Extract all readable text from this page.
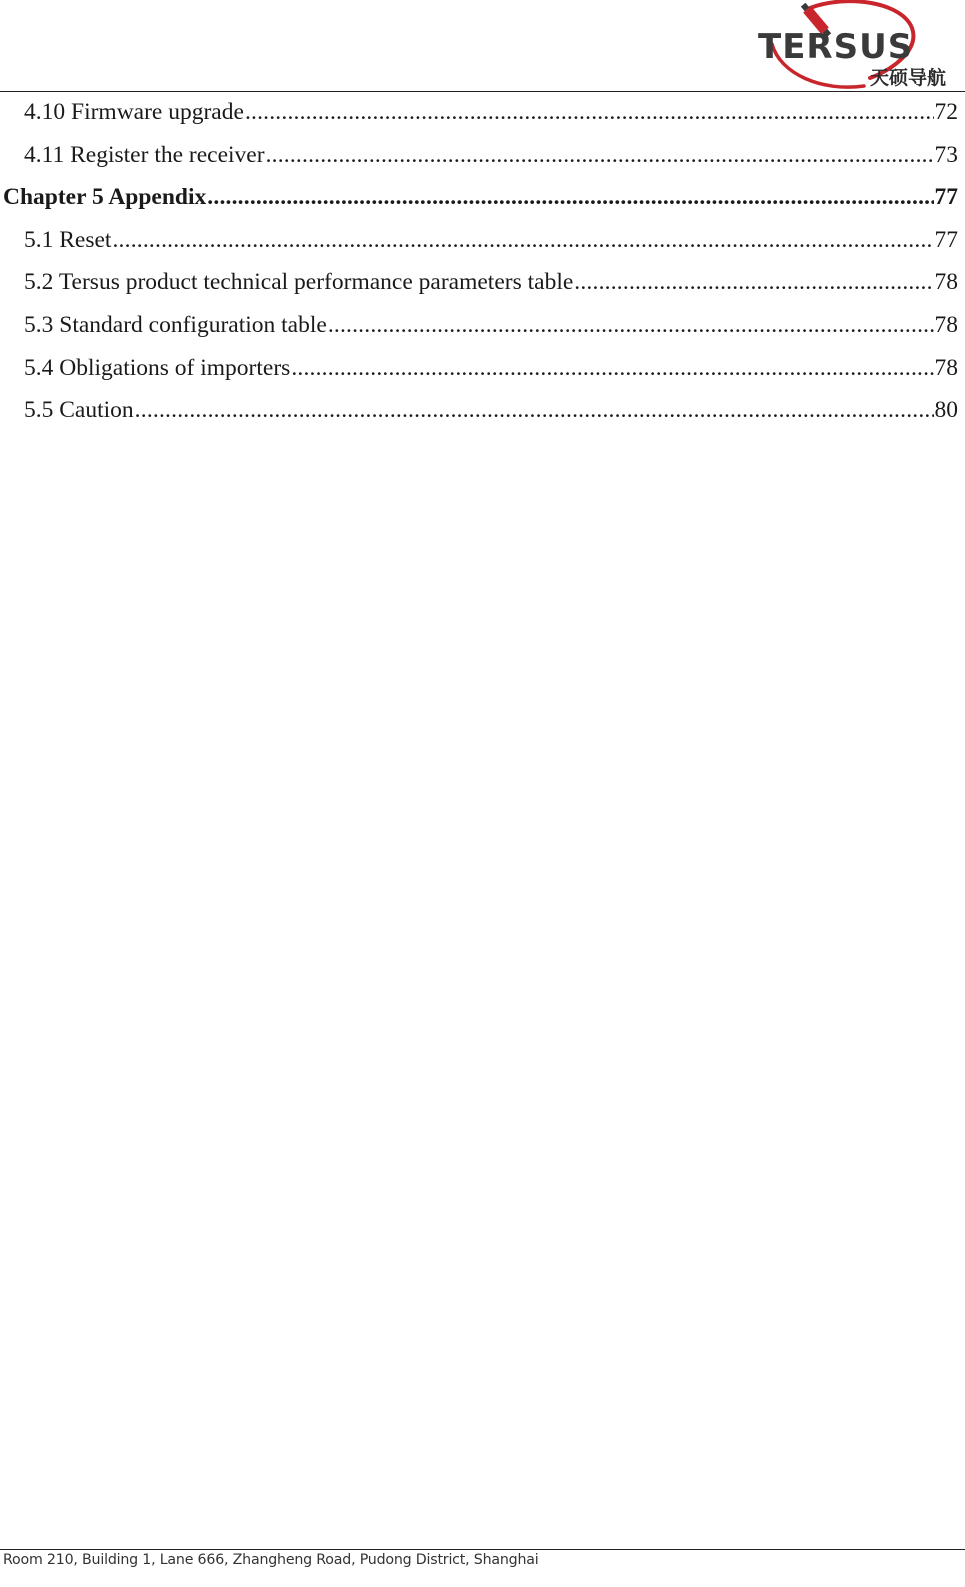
TERSUS
天硕导航
4.10 Firmware upgrade .....	72
4.11 Register the receiver .....	73
Chapter 5 Appendix .....	77
5.1 Reset .....	77
5.2 Tersus product technical performance parameters table .....	78
5.3 Standard configuration table .....	78
5.4 Obligations of importers .....	78
5.5 Caution .....	80
Room 210, Building 1, Lane 666, Zhangheng Road, Pudong District, Shanghai
